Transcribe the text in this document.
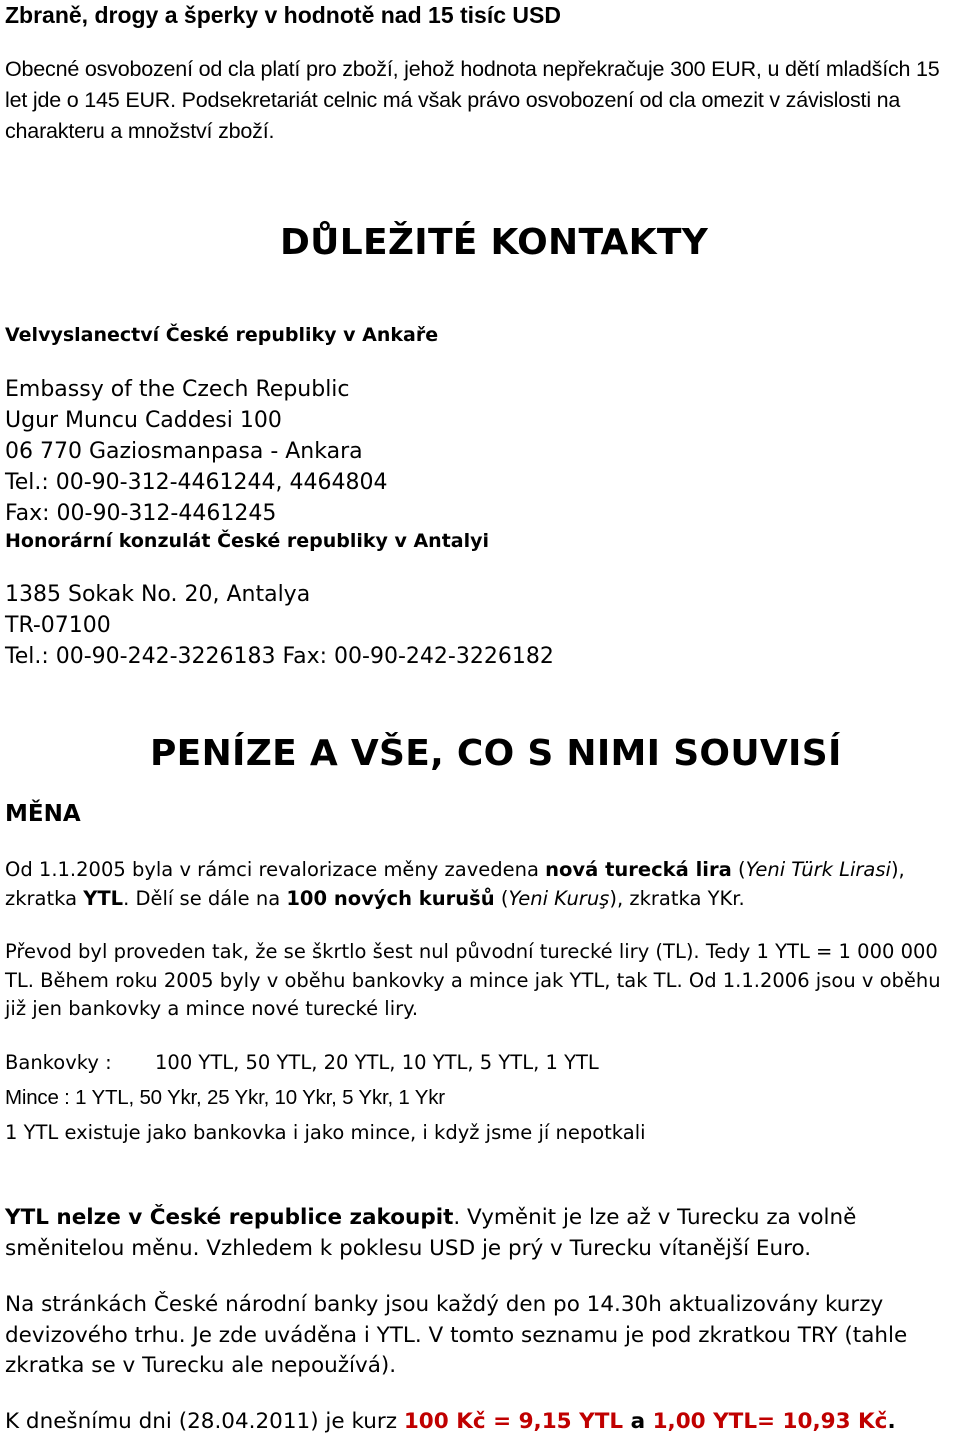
Zbraně, drogy a šperky v hodnotě nad 15 tisíc USD

Obecné osvobození od cla platí pro zboží, jehož hodnota nepřekračuje 300 EUR, u dětí mladších 15 let jde o 145 EUR. Podsekretariát celnic má však právo osvobození od cla omezit v závislosti na charakteru a množství zboží.

DŮLEŽITÉ KONTAKTY
Velvyslanectví České republiky v Ankaře
Embassy of the Czech Republic
Ugur Muncu Caddesi 100
06 770 Gaziosmanpasa - Ankara
Tel.: 00-90-312-4461244, 4464804
Fax: 00-90-312-4461245
Honorární konzulát České republiky v Antalyi
1385 Sokak No. 20, Antalya
TR-07100
Tel.: 00-90-242-3226183 Fax: 00-90-242-3226182
PENÍZE A VŠE, CO S NIMI SOUVISÍ
MĚNA

Od 1.1.2005 byla v rámci revalorizace měny zavedena nová turecká lira (Yeni Türk Lirasi), zkratka YTL. Dělí se dále na 100 nových kurušů (Yeni Kuruş), zkratka YKr.

Převod byl proveden tak, že se škrtlo šest nul původní turecké liry (TL). Tedy 1 YTL = 1 000 000 TL. Během roku 2005 byly v oběhu bankovky a mince jak YTL, tak TL. Od 1.1.2006 jsou v oběhu již jen bankovky a mince nové turecké liry.

Bankovky : 100 YTL, 50 YTL, 20 YTL, 10 YTL, 5 YTL, 1 YTL
Mince : 1 YTL, 50 Ykr, 25 Ykr, 10 Ykr, 5 Ykr, 1 Ykr
1 YTL existuje jako bankovka i jako mince, i když jsme jí nepotkali

YTL nelze v České republice zakoupit. Vyměnit je lze až v Turecku za volně směnitelou měnu. Vzhledem k poklesu USD je prý v Turecku vítanější Euro.

Na stránkách České národní banky jsou každý den po 14.30h aktualizovány kurzy devizového trhu. Je zde uváděna i YTL. V tomto seznamu je pod zkratkou TRY (tahle zkratka se v Turecku ale nepoužívá).

K dnešnímu dni (28.04.2011) je kurz 100 Kč = 9,15 YTL a 1,00 YTL= 10,93 Kč.
